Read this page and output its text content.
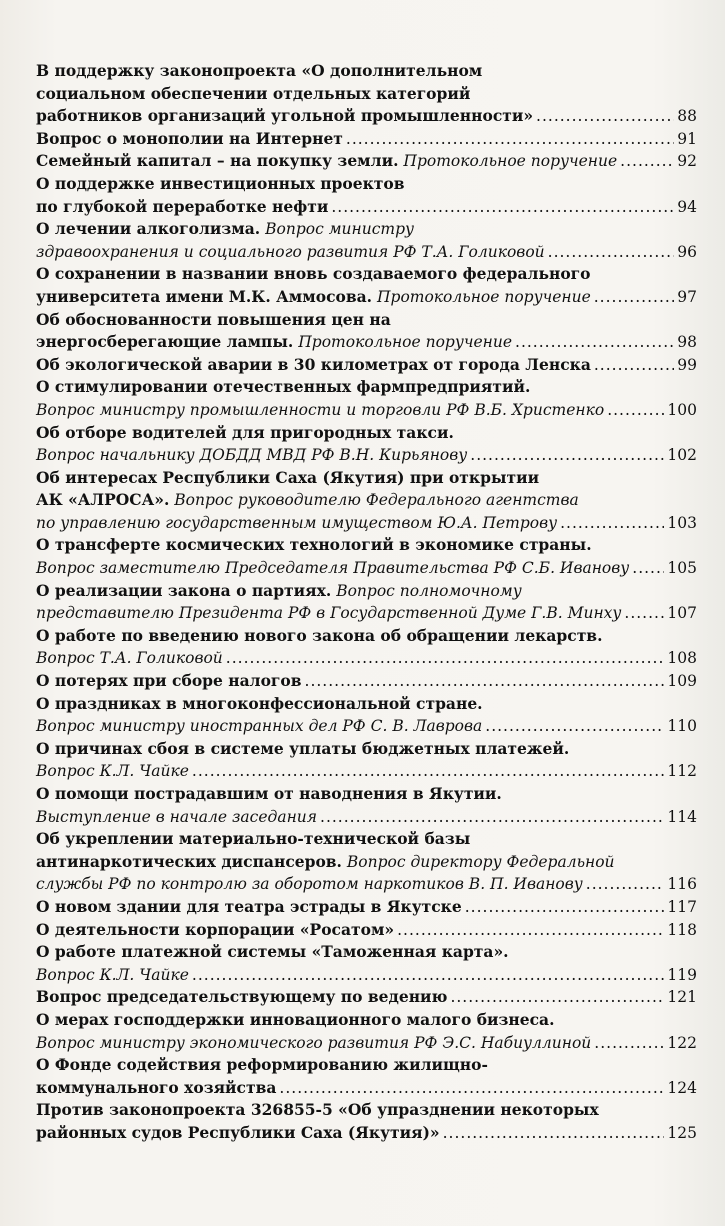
В поддержку законопроекта «О дополнительном
социальном обеспечении отдельных категорий
работников организаций угольной промышленности» .....	88
Вопрос о монополии на Интернет .....	91
Семейный капитал – на покупку земли.
Протокольное поручение .....	92
О поддержке инвестиционных проектов
по глубокой переработке нефти .....	94
О лечении алкоголизма.
Вопрос министру
здравоохранения и социального развития РФ Т.А. Голиковой .....	96
О сохранении в названии вновь создаваемого федерального
университета имени М.К. Аммосова.
Протокольное поручение .....	97
Об обоснованности повышения цен на
энергосберегающие лампы.
Протокольное поручение .....	98
Об экологической аварии в 30 километрах от города Ленска .....	99
О стимулировании отечественных фармпредприятий.
Вопрос министру промышленности и торговли РФ В.Б. Христенко .....	100
Об отборе водителей для пригородных такси.
Вопрос начальнику ДОБДД МВД РФ В.Н. Кирьянову .....	102
Об интересах Республики Саха (Якутия) при открытии
АК «АЛРОСА».
Вопрос руководителю Федерального агентства
по управлению государственным имуществом Ю.А. Петрову .....	103
О трансферте космических технологий в экономике страны.
Вопрос заместителю Председателя Правительства РФ С.Б. Иванову ..... 105
О реализации закона о партиях.
Вопрос полномочному
представителю Президента РФ в Государственной Думе Г.В. Минху .....	107
О работе по введению нового закона об обращении лекарств.
Вопрос Т.А. Голиковой .....	108
О потерях при сборе налогов .....	109
О праздниках в многоконфессиональной стране.
Вопрос министру иностранных дел РФ С. В. Лаврова .....	110
О причинах сбоя в системе уплаты бюджетных платежей.
Вопрос К.Л. Чайке .....	112
О помощи пострадавшим от наводнения в Якутии.
Выступление в начале заседания .....	114
Об укреплении материально-технической базы
антинаркотических диспансеров.
Вопрос директору Федеральной
службы РФ по контролю за оборотом наркотиков В. П. Иванову .....	116
О новом здании для театра эстрады в Якутске .....	117
О деятельности корпорации «Росатом» .....	118
О работе платежной системы «Таможенная карта».
Вопрос К.Л. Чайке .....	119
Вопрос председательствующему по ведению .....	121
О мерах господдержки инновационного малого бизнеса.
Вопрос министру экономического развития РФ Э.С. Набиуллиной .....	122
О Фонде содействия реформированию жилищно-
коммунального хозяйства .....	124
Против законопроекта 326855-5 «Об упразднении некоторых
районных судов Республики Саха (Якутия)» .....	125
